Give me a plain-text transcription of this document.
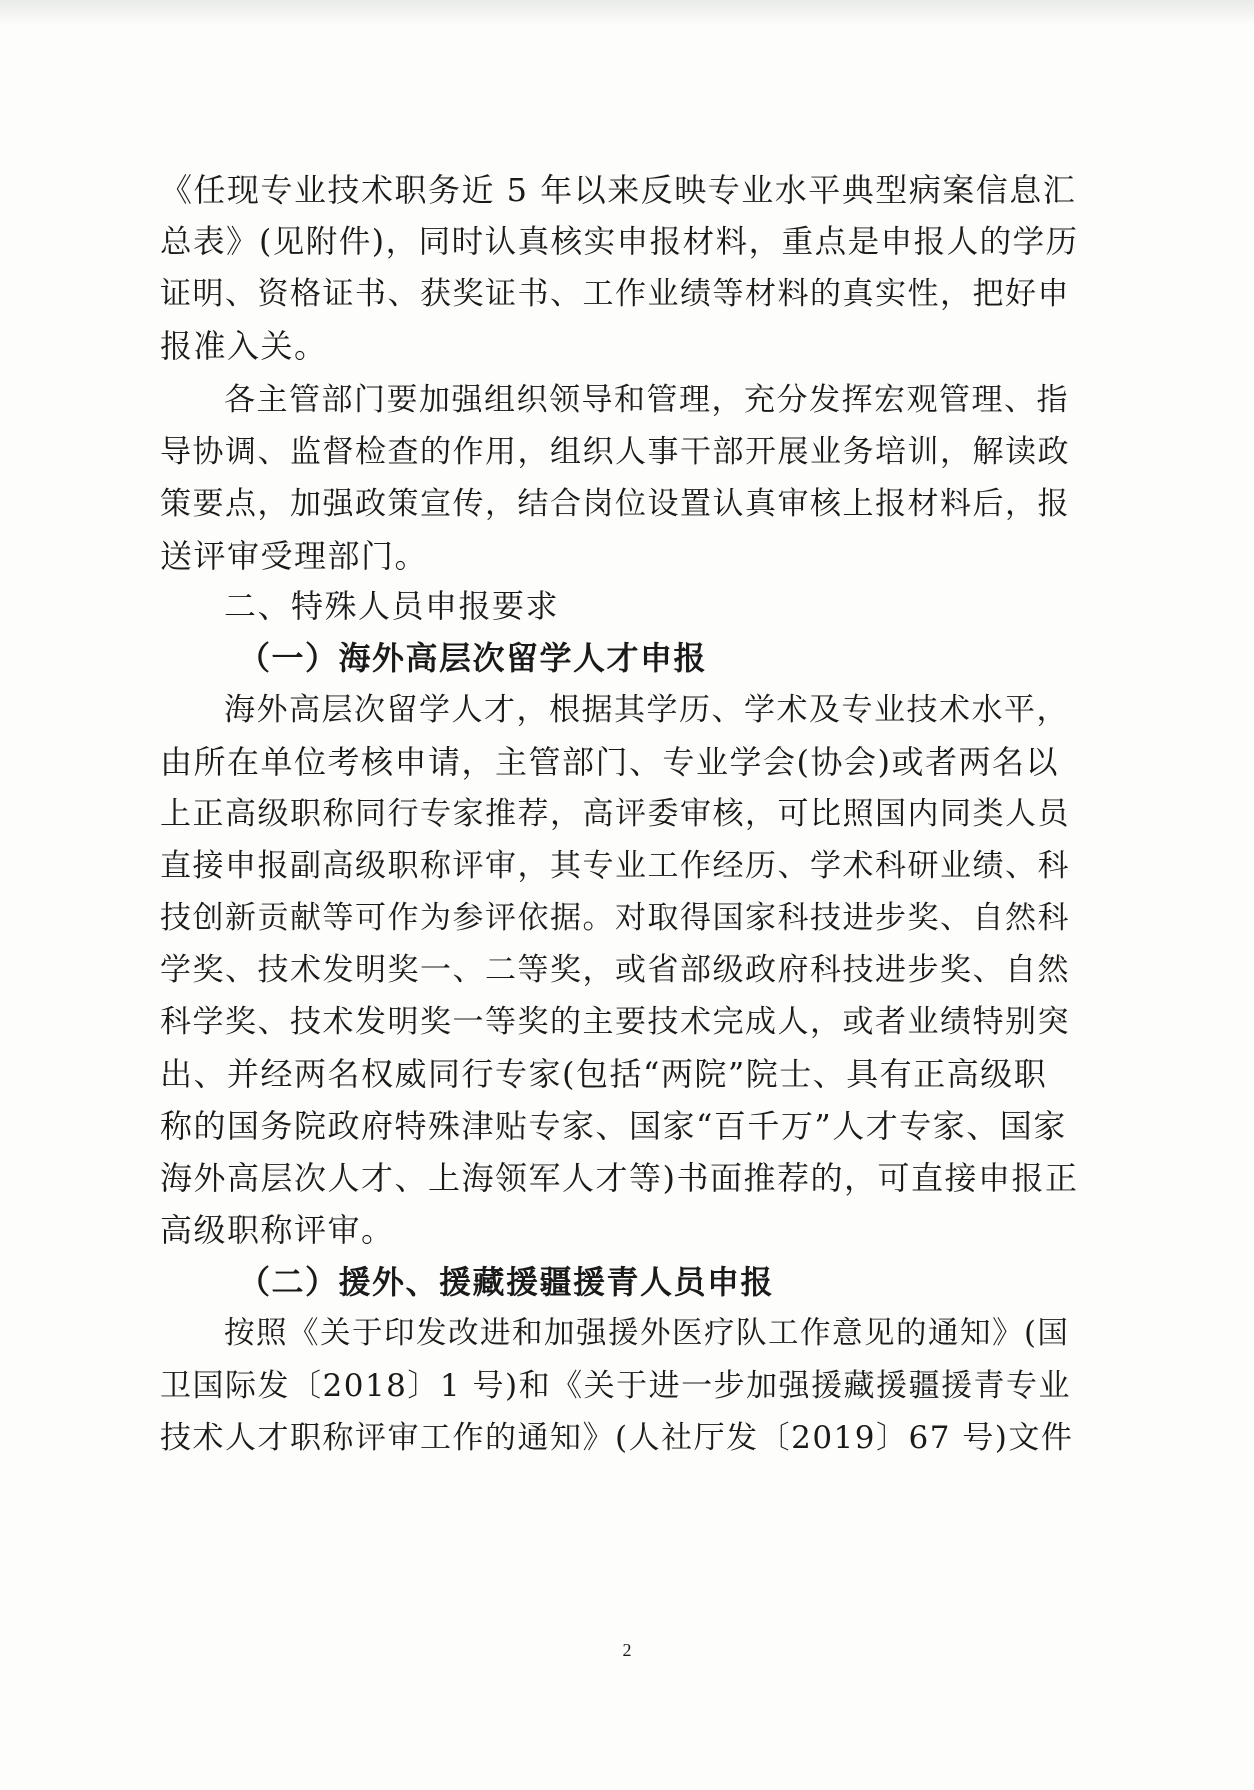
《任现专业技术职务近 5 年以来反映专业水平典型病案信息汇
总表》(见附件)，同时认真核实申报材料，重点是申报人的学历
证明、资格证书、获奖证书、工作业绩等材料的真实性，把好申
报准入关。
各主管部门要加强组织领导和管理，充分发挥宏观管理、指
导协调、监督检查的作用，组织人事干部开展业务培训，解读政
策要点，加强政策宣传，结合岗位设置认真审核上报材料后，报
送评审受理部门。
二、特殊人员申报要求
（一）海外高层次留学人才申报
海外高层次留学人才，根据其学历、学术及专业技术水平，
由所在单位考核申请，主管部门、专业学会(协会)或者两名以
上正高级职称同行专家推荐，高评委审核，可比照国内同类人员
直接申报副高级职称评审，其专业工作经历、学术科研业绩、科
技创新贡献等可作为参评依据。对取得国家科技进步奖、自然科
学奖、技术发明奖一、二等奖，或省部级政府科技进步奖、自然
科学奖、技术发明奖一等奖的主要技术完成人，或者业绩特别突
出、并经两名权威同行专家(包括“两院”院士、具有正高级职
称的国务院政府特殊津贴专家、国家“百千万”人才专家、国家
海外高层次人才、上海领军人才等)书面推荐的，可直接申报正
高级职称评审。
（二）援外、援藏援疆援青人员申报
按照《关于印发改进和加强援外医疗队工作意见的通知》(国
卫国际发〔2018〕1 号)和《关于进一步加强援藏援疆援青专业
技术人才职称评审工作的通知》(人社厅发〔2019〕67 号)文件
2
